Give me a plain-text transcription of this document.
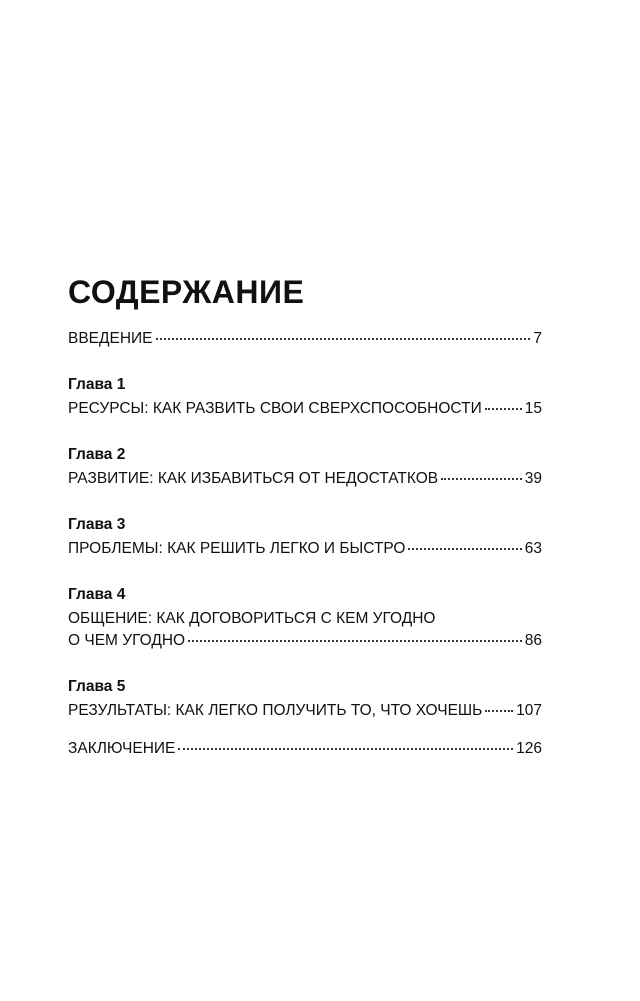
СОДЕРЖАНИЕ
ВВЕДЕНИЕ	7
Глава 1
РЕСУРСЫ: КАК РАЗВИТЬ СВОИ СВЕРХСПОСОБНОСТИ	15
Глава 2
РАЗВИТИЕ: КАК ИЗБАВИТЬСЯ ОТ НЕДОСТАТКОВ	39
Глава 3
ПРОБЛЕМЫ: КАК РЕШИТЬ ЛЕГКО И БЫСТРО	63
Глава 4
ОБЩЕНИЕ: КАК ДОГОВОРИТЬСЯ С КЕМ УГОДНО
О ЧЕМ УГОДНО	86
Глава 5
РЕЗУЛЬТАТЫ: КАК ЛЕГКО ПОЛУЧИТЬ ТО, ЧТО ХОЧЕШЬ 107
ЗАКЛЮЧЕНИЕ	126
